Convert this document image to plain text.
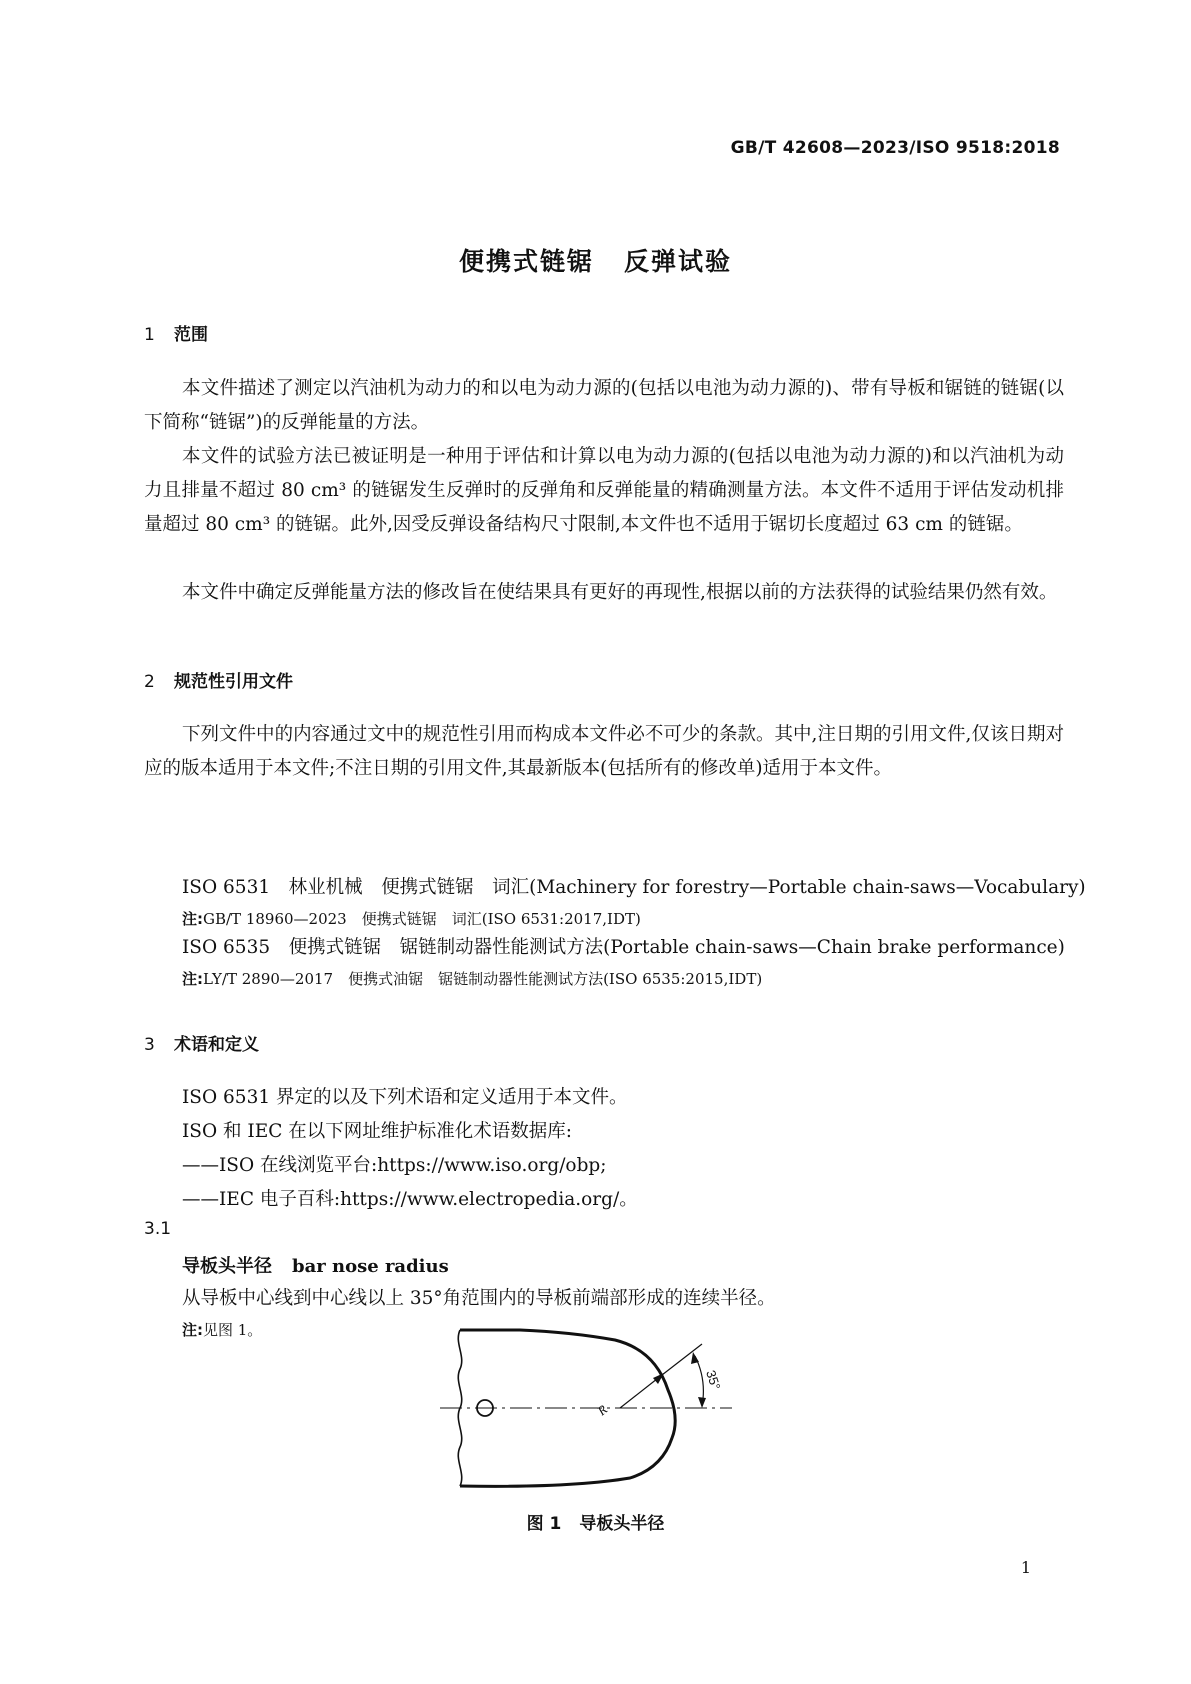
GB/T 42608—2023/ISO 9518:2018
便携式链锯 反弹试验
1 范围
本文件描述了测定以汽油机为动力的和以电为动力源的(包括以电池为动力源的)、带有导板和锯链的链锯(以下简称“链锯”)的反弹能量的方法。
本文件的试验方法已被证明是一种用于评估和计算以电为动力源的(包括以电池为动力源的)和以汽油机为动力且排量不超过 80 cm³ 的链锯发生反弹时的反弹角和反弹能量的精确测量方法。本文件不适用于评估发动机排量超过 80 cm³ 的链锯。此外,因受反弹设备结构尺寸限制,本文件也不适用于锯切长度超过 63 cm 的链锯。
本文件中确定反弹能量方法的修改旨在使结果具有更好的再现性,根据以前的方法获得的试验结果仍然有效。
2 规范性引用文件
下列文件中的内容通过文中的规范性引用而构成本文件必不可少的条款。其中,注日期的引用文件,仅该日期对应的版本适用于本文件;不注日期的引用文件,其最新版本(包括所有的修改单)适用于本文件。
ISO 6531　林业机械　便携式链锯　词汇(Machinery for forestry—Portable chain-saws—Vocabulary)
注:GB/T 18960—2023　便携式链锯　词汇(ISO 6531:2017,IDT)
ISO 6535　便携式链锯　锯链制动器性能测试方法(Portable chain-saws—Chain brake performance)
注:LY/T 2890—2017　便携式油锯　锯链制动器性能测试方法(ISO 6535:2015,IDT)
3 术语和定义
ISO 6531 界定的以及下列术语和定义适用于本文件。
ISO 和 IEC 在以下网址维护标准化术语数据库:
——ISO 在线浏览平台:https://www.iso.org/obp;
——IEC 电子百科:https://www.electropedia.org/。
3.1
导板头半径 bar nose radius
从导板中心线到中心线以上 35°角范围内的导板前端部形成的连续半径。
注:见图 1。
R
35°
图 1 导板头半径
1
